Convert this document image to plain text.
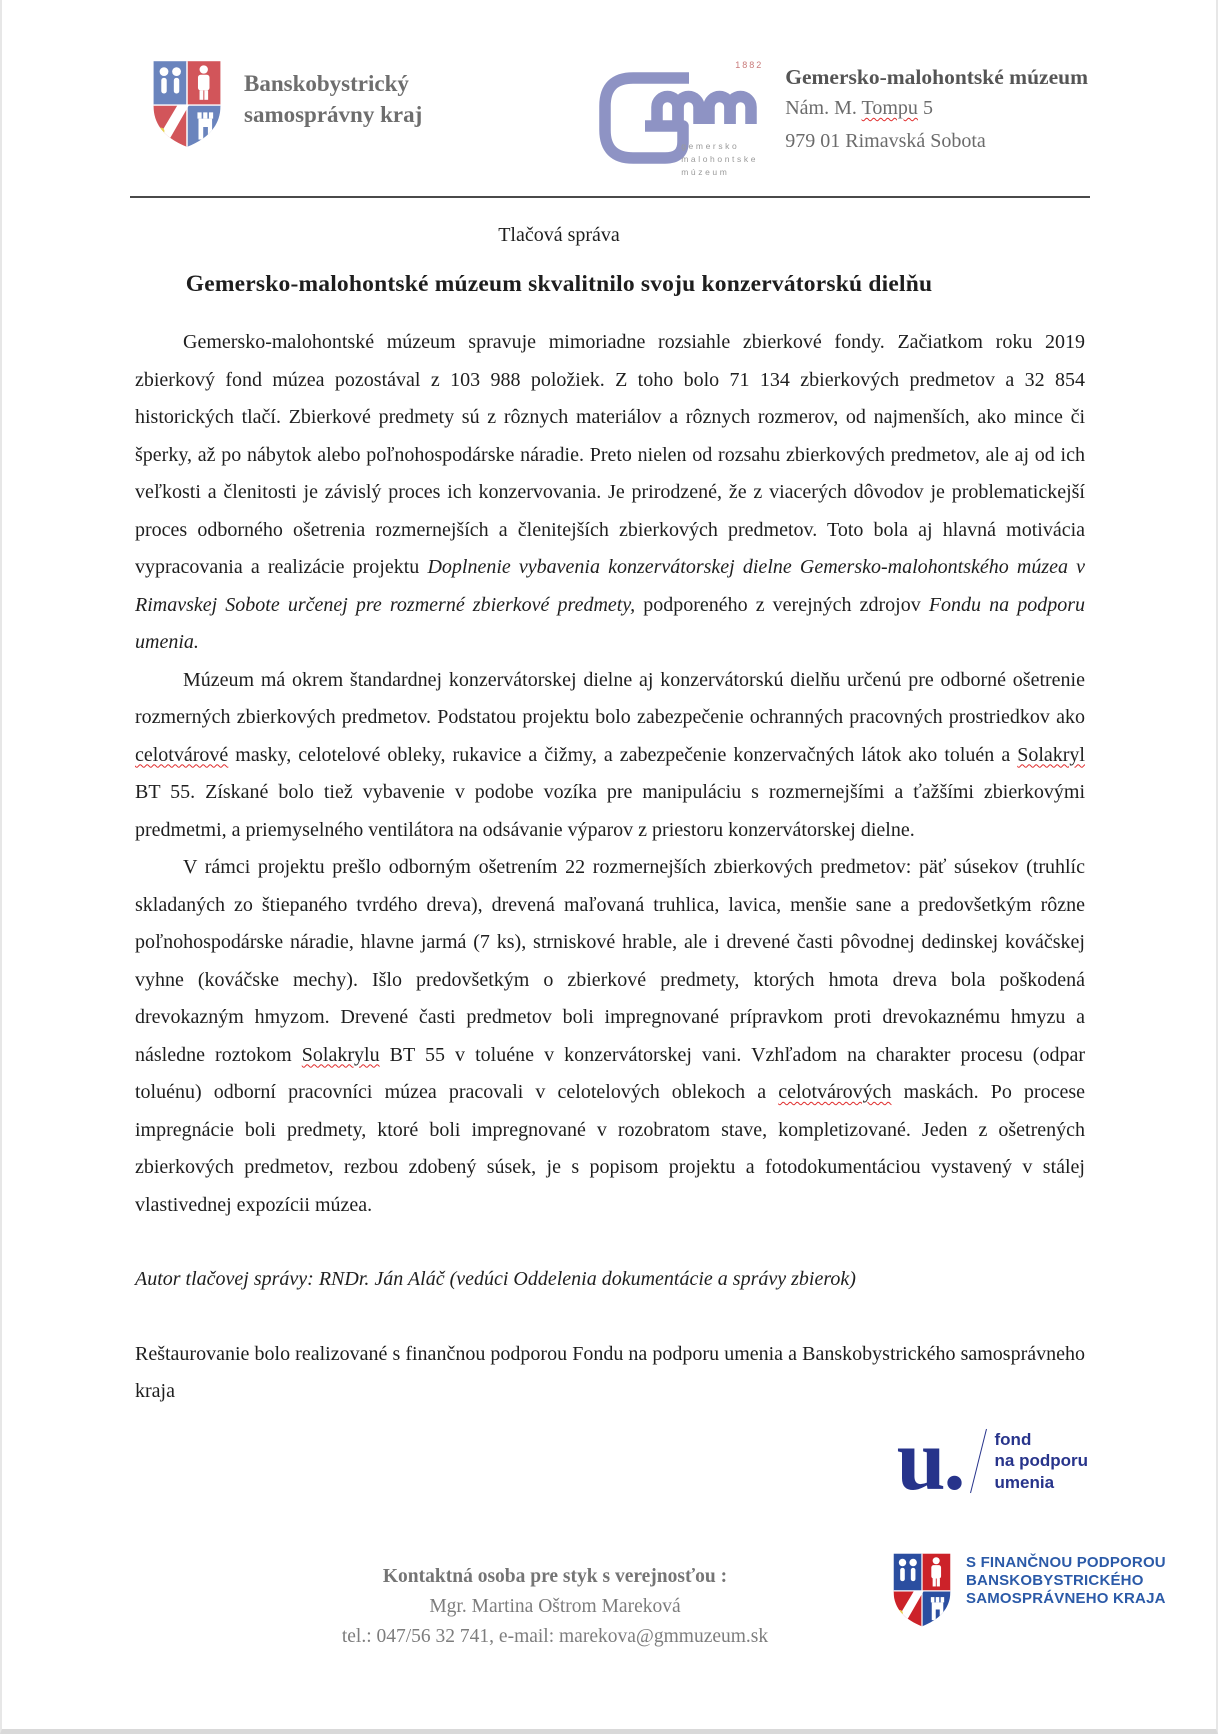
Banskobystrický
samosprávny kraj
1882
gemersko
malohontske
múzeum
Gemersko-malohontské múzeum
Nám. M. Tompu 5
979 01 Rimavská Sobota
Tlačová správa
Gemersko-malohontské múzeum skvalitnilo svoju konzervátorskú dielňu

Gemersko-malohontské múzeum spravuje mimoriadne rozsiahle zbierkové fondy. Začiatkom roku 2019 zbierkový fond múzea pozostával z 103 988 položiek. Z toho bolo 71 134 zbierkových predmetov a 32 854 historických tlačí. Zbierkové predmety sú z rôznych materiálov a rôznych rozmerov, od najmenších, ako mince či šperky, až po nábytok alebo poľnohospodárske náradie. Preto nielen od rozsahu zbierkových predmetov, ale aj od ich veľkosti a členitosti je závislý proces ich konzervovania. Je prirodzené, že z viacerých dôvodov je problematickejší proces odborného ošetrenia rozmernejších a členitejších zbierkových predmetov. Toto bola aj hlavná motivácia vypracovania a realizácie projektu Doplnenie vybavenia konzervátorskej dielne Gemersko-malohontského múzea v Rimavskej Sobote určenej pre rozmerné zbierkové predmety, podporeného z verejných zdrojov Fondu na podporu umenia.

Múzeum má okrem štandardnej konzervátorskej dielne aj konzervátorskú dielňu určenú pre odborné ošetrenie rozmerných zbierkových predmetov. Podstatou projektu bolo zabezpečenie ochranných pracovných prostriedkov ako celotvárové masky, celotelové obleky, rukavice a čižmy, a zabezpečenie konzervačných látok ako toluén a Solakryl BT 55. Získané bolo tiež vybavenie v podobe vozíka pre manipuláciu s rozmernejšími a ťažšími zbierkovými predmetmi, a priemyselného ventilátora na odsávanie výparov z priestoru konzervátorskej dielne.

V rámci projektu prešlo odborným ošetrením 22 rozmernejších zbierkových predmetov: päť súsekov (truhlíc skladaných zo štiepaného tvrdého dreva), drevená maľovaná truhlica, lavica, menšie sane a predovšetkým rôzne poľnohospodárske náradie, hlavne jarmá (7 ks), strniskové hrable, ale i drevené časti pôvodnej dedinskej kováčskej vyhne (kováčske mechy). Išlo predovšetkým o zbierkové predmety, ktorých hmota dreva bola poškodená drevokazným hmyzom. Drevené časti predmetov boli impregnované prípravkom proti drevokaznému hmyzu a následne roztokom Solakrylu BT 55 v toluéne v konzervátorskej vani. Vzhľadom na charakter procesu (odpar toluénu) odborní pracovníci múzea pracovali v celotelových oblekoch a celotvárových maskách. Po procese impregnácie boli predmety, ktoré boli impregnované v rozobratom stave, kompletizované. Jeden z ošetrených zbierkových predmetov, rezbou zdobený súsek, je s popisom projektu a fotodokumentáciou vystavený v stálej vlastivednej expozícii múzea.

Autor tlačovej správy: RNDr. Ján Aláč (vedúci Oddelenia dokumentácie a správy zbierok)

Reštaurovanie bolo realizované s finančnou podporou Fondu na podporu umenia a Banskobystrického samosprávneho kraja

u. fond
na podporu
umenia
Kontaktná osoba pre styk s verejnosťou :
Mgr. Martina Oštrom Mareková
tel.: 047/56 32 741, e-mail: marekova@gmmuzeum.sk
S FINANČNOU PODPOROU
BANSKOBYSTRICKÉHO
SAMOSPRÁVNEHO KRAJA
